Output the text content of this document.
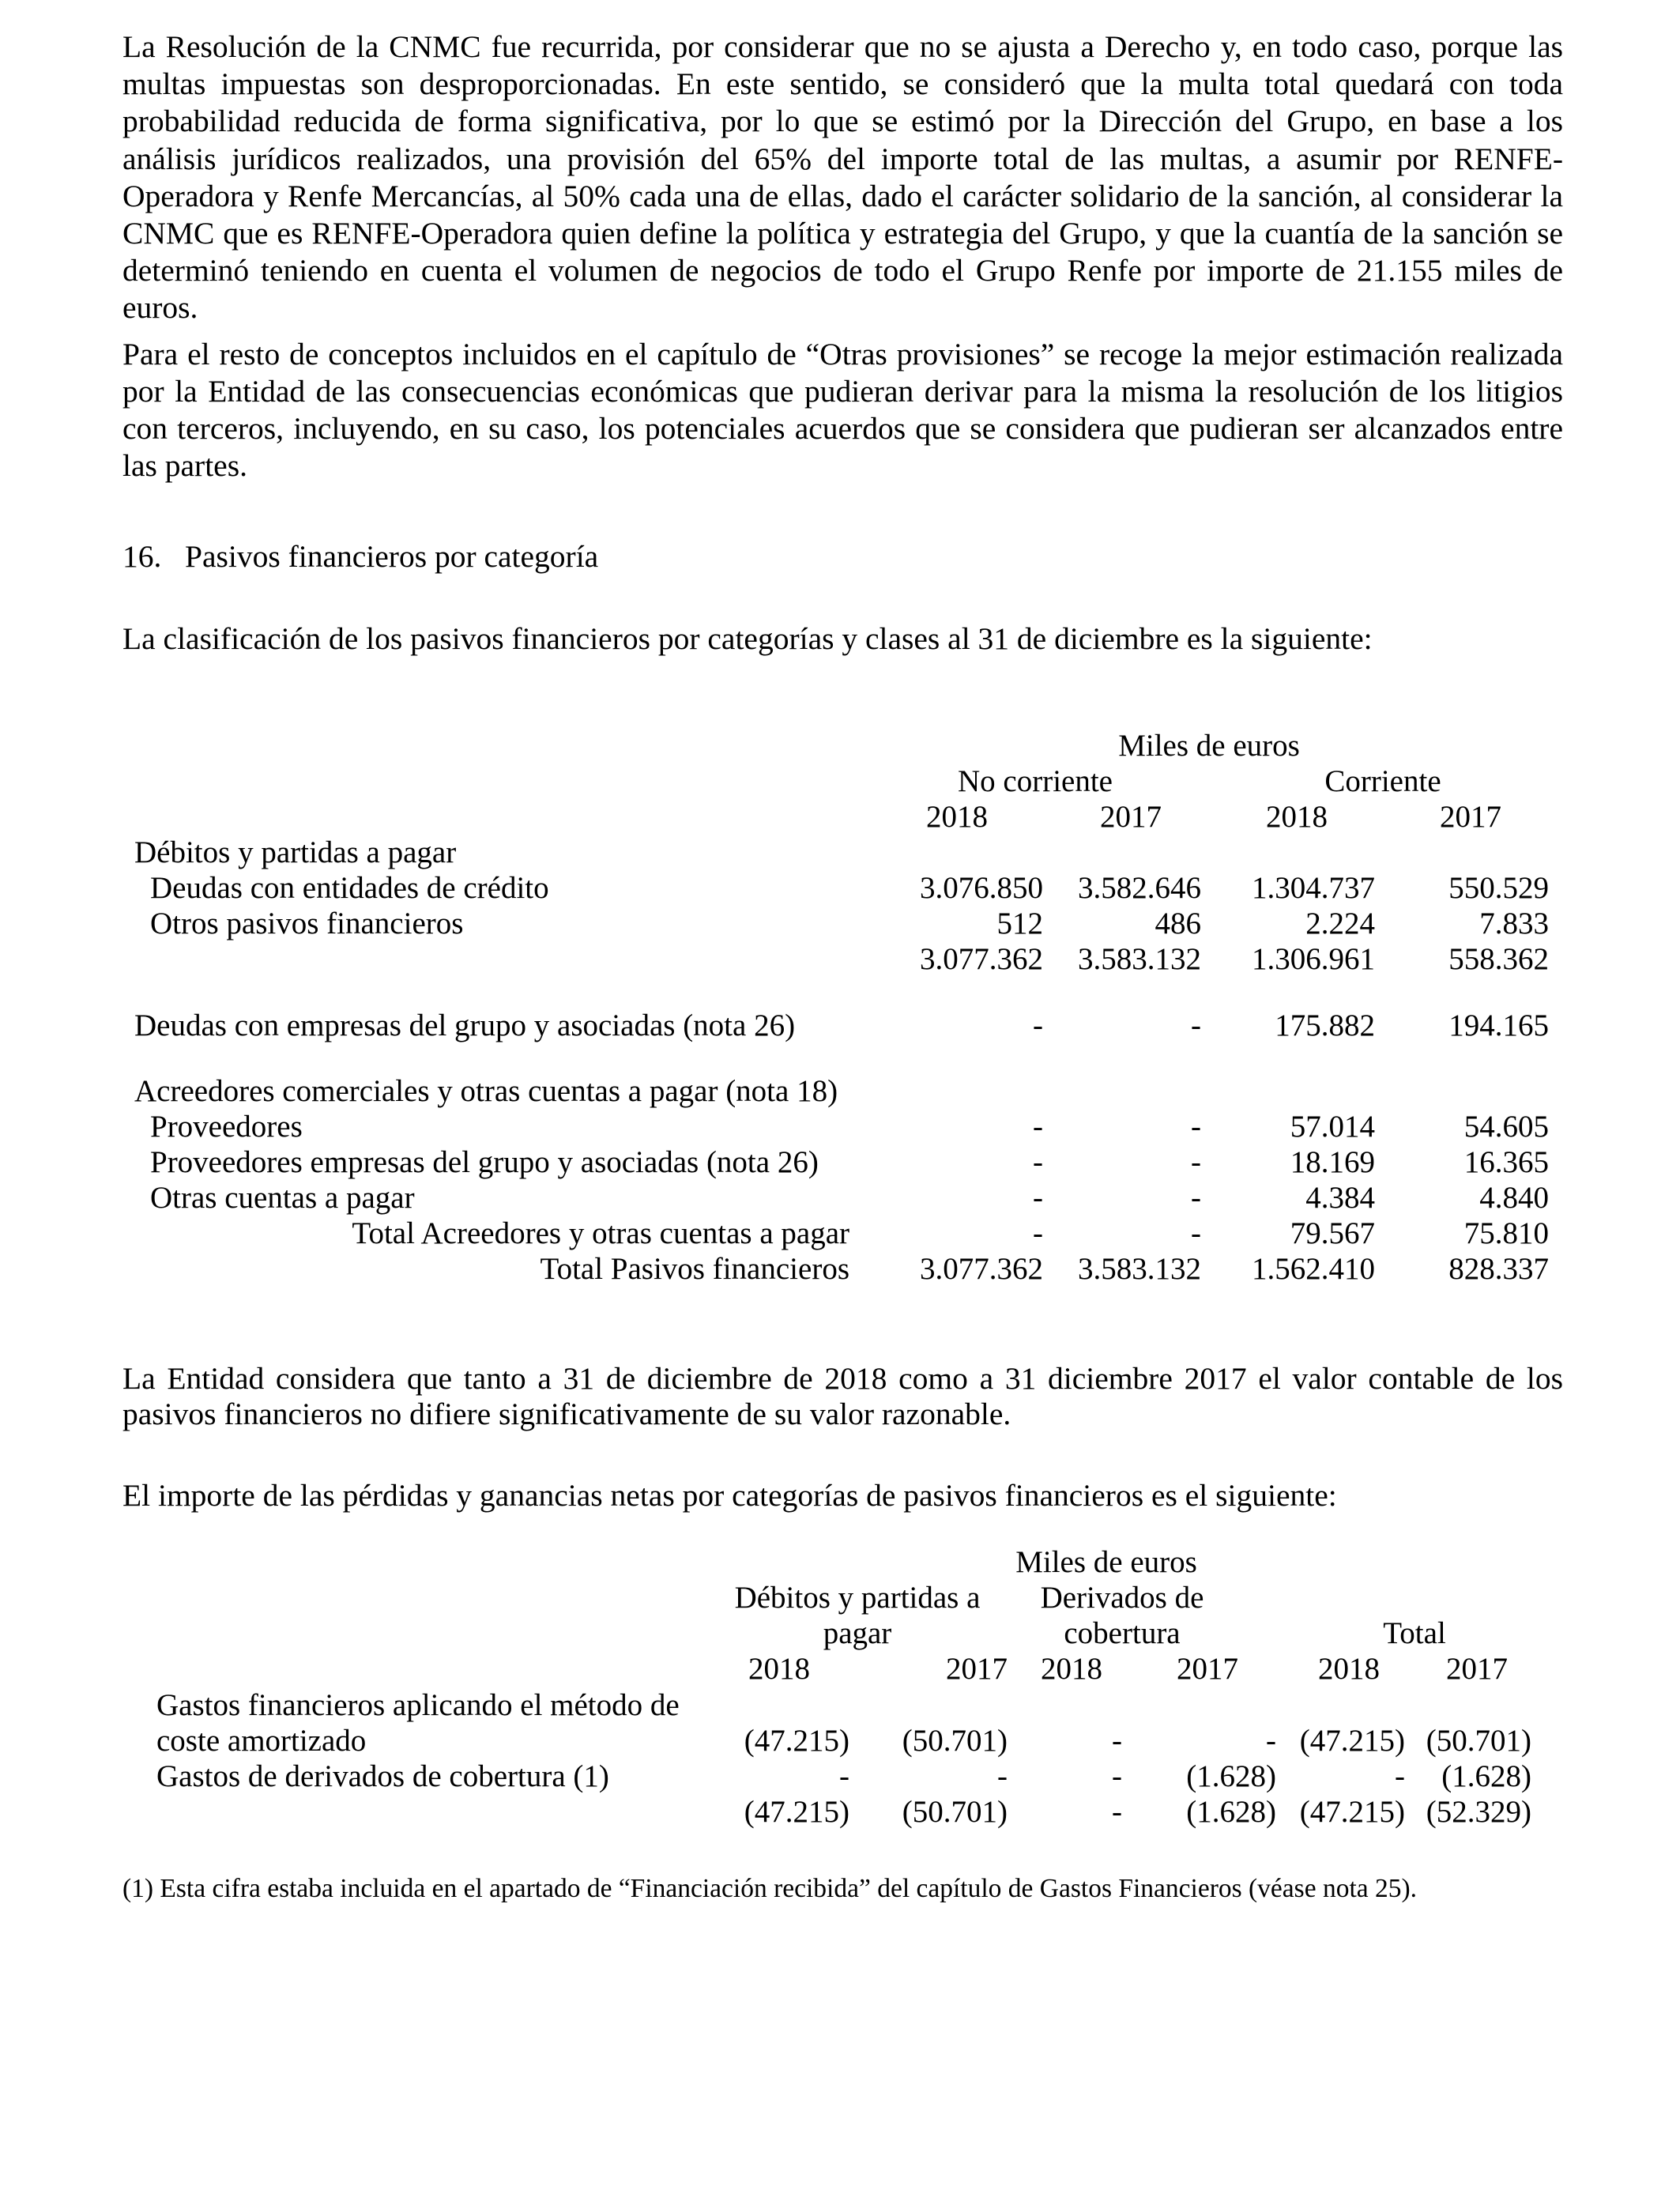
La Resolución de la CNMC fue recurrida, por considerar que no se ajusta a Derecho y, en todo caso, porque las multas impuestas son desproporcionadas. En este sentido, se consideró que la multa total quedará con toda probabilidad reducida de forma significativa, por lo que se estimó por la Dirección del Grupo, en base a los análisis jurídicos realizados, una provisión del 65% del importe total de las multas, a asumir por RENFE-Operadora y Renfe Mercancías, al 50% cada una de ellas, dado el carácter solidario de la sanción, al considerar la CNMC que es RENFE-Operadora quien define la política y estrategia del Grupo, y que la cuantía de la sanción se determinó teniendo en cuenta el volumen de negocios de todo el Grupo Renfe por importe de 21.155 miles de euros.

Para el resto de conceptos incluidos en el capítulo de “Otras provisiones” se recoge la mejor estimación realizada por la Entidad de las consecuencias económicas que pudieran derivar para la misma la resolución de los litigios con terceros, incluyendo, en su caso, los potenciales acuerdos que se considera que pudieran ser alcanzados entre las partes.

16.   Pasivos financieros por categoría
La clasificación de los pasivos financieros por categorías y clases al 31 de diciembre es la siguiente:
Miles de euros
No corriente	Corriente
2018	2017	2018	2017
Débitos y partidas a pagar
Deudas con entidades de crédito	3.076.850	3.582.646	1.304.737	550.529
Otros pasivos financieros	512	486	2.224	7.833
3.077.362	3.583.132	1.306.961	558.362
Deudas con empresas del grupo y asociadas (nota 26)	-	-	175.882	194.165
Acreedores comerciales y otras cuentas a pagar (nota 18)
Proveedores	-	-	57.014	54.605
Proveedores empresas del grupo y asociadas (nota 26)	-	-	18.169	16.365
Otras cuentas a pagar	-	-	4.384	4.840
Total Acreedores y otras cuentas a pagar	-	-	79.567	75.810
Total Pasivos financieros	3.077.362	3.583.132	1.562.410	828.337
La Entidad considera que tanto a 31 de diciembre de 2018 como a 31 diciembre 2017 el valor contable de los pasivos financieros no difiere significativamente de su valor razonable.
El importe de las pérdidas y ganancias netas por categorías de pasivos financieros es el siguiente:
Miles de euros
Débitos y partidas a	Derivados de
pagar	cobertura	Total
2018	2017	2018	2017	2018	2017
Gastos financieros aplicando el método de
coste amortizado	(47.215)	(50.701)	-	- (47.215) (50.701)
Gastos de derivados de cobertura (1)	-	-	-	(1.628)	-	(1.628)
(47.215)	(50.701)	-	(1.628) (47.215) (52.329)
(1) Esta cifra estaba incluida en el apartado de “Financiación recibida” del capítulo de Gastos Financieros (véase nota 25).
